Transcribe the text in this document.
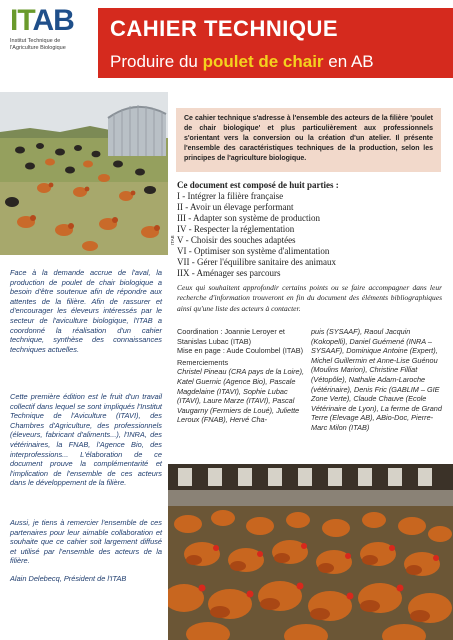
ITAB
Institut Technique de
l'Agriculture Biologique
CAHIER TECHNIQUE
Produire du poulet de chair en AB
ITAB
Ce cahier technique s'adresse à l'ensemble des acteurs de la filière 'poulet de chair biologique' et plus particulièrement aux professionnels s'orientant vers la conversion ou la création d'un atelier. Il présente l'ensemble des caractéristiques techniques de la production, selon les principes de l'agriculture biologique.
Ce document est composé de huit parties :
I - Intégrer la filière française
II - Avoir un élevage performant
III - Adapter son système de production
IV - Respecter la réglementation
V - Choisir des souches adaptées
VI - Optimiser son système d'alimentation
VII - Gérer l'équilibre sanitaire des animaux
IIX - Aménager ses parcours
Face à la demande accrue de l'aval, la production de poulet de chair biologique a besoin d'être soutenue afin de répondre aux attentes de la filière. Afin de rassurer et d'encourager les éleveurs intéressés par le secteur de l'aviculture biologique, l'ITAB a coordonné la réalisation d'un cahier technique, synthèse des connaissances techniques actuelles.
Cette première édition est le fruit d'un travail collectif dans lequel se sont impliqués l'Institut Technique de l'Aviculture (ITAVI), des Chambres d'Agriculture, des professionnels (éleveurs, fabricant d'aliments...), l'INRA, des vétérinaires, la FNAB, l'Agence Bio, des interprofessions... L'élaboration de ce document prouve la complémentarité et l'implication de l'ensemble de ces acteurs dans le développement de la filière.
Aussi, je tiens à remercier l'ensemble de ces partenaires pour leur aimable collaboration et souhaite que ce cahier soit largement diffusé et utilisé par l'ensemble des acteurs de la filière.
Alain Delebecq, Président de l'ITAB
Ceux qui souhaitent approfondir certains points ou se faire accompagner dans leur recherche d'information trouveront en fin du document des éléments bibliographiques ainsi qu'une liste des acteurs à contacter.
Coordination : Joannie Leroyer et Stanislas Lubac (ITAB)
Mise en page : Aude Coulombel (ITAB)
Remerciements
Christel Pineau (CRA pays de la Loire), Katel Guernic (Agence Bio), Pascale Magdelaine (ITAVI), Sophie Lubac (ITAVI), Laure Marze (ITAVI), Pascal Vaugarny (Fermiers de Loué), Juliette Leroux (FNAB), Hervé Cha-
puis (SYSAAF), Raoul Jacquin (Kokopelli), Daniel Guémené (INRA – SYSAAF), Dominique Antoine (Expert), Michel Guillermin et Anne-Lise Guénou (Moulins Marion), Christine Filliat (Vétopôle), Nathalie Adam-Laroche (vétérinaire), Denis Fric (GABLIM – GIE Zone Verte), Claude Chauve (Ecole Vétérinaire de Lyon), La ferme de Grand Terre (Elevage AB), ABio-Doc, Pierre-Marc Milon (ITAB)
